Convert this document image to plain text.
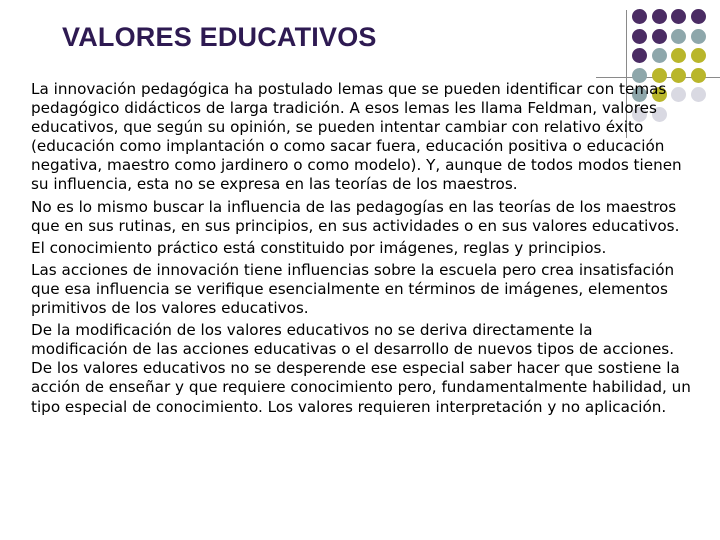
VALORES EDUCATIVOS

La innovación pedagógica ha postulado lemas que se pueden identificar con temas pedagógico didácticos de larga tradición. A esos lemas les llama Feldman, valores educativos, que según su opinión, se pueden intentar cambiar con relativo éxito (educación como implantación o como sacar fuera, educación positiva o educación negativa, maestro como jardinero o como modelo). Y, aunque de todos modos tienen su influencia, esta no se expresa en las teorías de los maestros.

No es lo mismo buscar la influencia de las pedagogías en las teorías de los maestros que en sus rutinas, en sus principios, en sus actividades o en sus valores educativos.

El conocimiento práctico está constituido por imágenes, reglas y principios.

Las acciones de innovación tiene influencias sobre la escuela pero crea insatisfación que esa influencia se verifique esencialmente en términos de imágenes, elementos primitivos de los valores educativos.

De la modificación de los valores educativos no se deriva directamente la modificación de las acciones educativas o el desarrollo de nuevos tipos de acciones. De los valores educativos no se desperende ese especial saber hacer que sostiene la acción de enseñar y que requiere conocimiento pero, fundamentalmente habilidad, un tipo especial de conocimiento. Los valores requieren interpretación y no aplicación.
